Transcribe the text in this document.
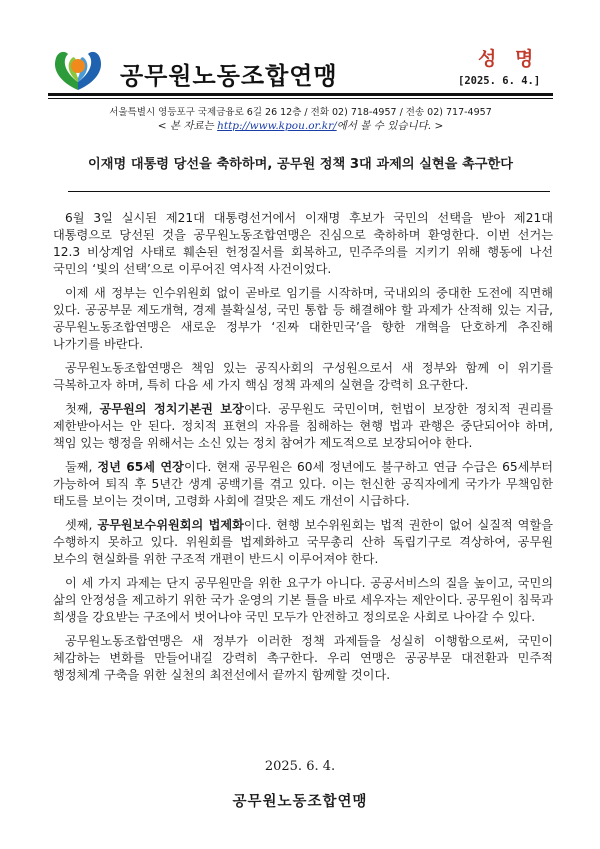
공무원노동조합연맹
성 명
[2025. 6. 4.]
서울특별시 영등포구 국제금융로 6길 26 12층 / 전화 02) 718-4957 / 전송 02) 717-4957
< 본 자료는 http://www.kpou.or.kr/에서 볼 수 있습니다. >
이재명 대통령 당선을 축하하며, 공무원 정책 3대 과제의 실현을 촉구한다

6월 3일 실시된 제21대 대통령선거에서 이재명 후보가 국민의 선택을 받아 제21대 대통령으로 당선된 것을 공무원노동조합연맹은 진심으로 축하하며 환영한다. 이번 선거는 12.3 비상계엄 사태로 훼손된 헌정질서를 회복하고, 민주주의를 지키기 위해 행동에 나선 국민의 ‘빛의 선택’으로 이루어진 역사적 사건이었다.

이제 새 정부는 인수위원회 없이 곧바로 임기를 시작하며, 국내외의 중대한 도전에 직면해 있다. 공공부문 제도개혁, 경제 불확실성, 국민 통합 등 해결해야 할 과제가 산적해 있는 지금, 공무원노동조합연맹은 새로운 정부가 ‘진짜 대한민국’을 향한 개혁을 단호하게 추진해 나가기를 바란다.

공무원노동조합연맹은 책임 있는 공직사회의 구성원으로서 새 정부와 함께 이 위기를 극복하고자 하며, 특히 다음 세 가지 핵심 정책 과제의 실현을 강력히 요구한다.

첫째, 공무원의 정치기본권 보장이다. 공무원도 국민이며, 헌법이 보장한 정치적 권리를 제한받아서는 안 된다. 정치적 표현의 자유를 침해하는 현행 법과 관행은 중단되어야 하며, 책임 있는 행정을 위해서는 소신 있는 정치 참여가 제도적으로 보장되어야 한다.

둘째, 정년 65세 연장이다. 현재 공무원은 60세 정년에도 불구하고 연금 수급은 65세부터 가능하여 퇴직 후 5년간 생계 공백기를 겪고 있다. 이는 헌신한 공직자에게 국가가 무책임한 태도를 보이는 것이며, 고령화 사회에 걸맞은 제도 개선이 시급하다.

셋째, 공무원보수위원회의 법제화이다. 현행 보수위원회는 법적 권한이 없어 실질적 역할을 수행하지 못하고 있다. 위원회를 법제화하고 국무총리 산하 독립기구로 격상하여, 공무원 보수의 현실화를 위한 구조적 개편이 반드시 이루어져야 한다.

이 세 가지 과제는 단지 공무원만을 위한 요구가 아니다. 공공서비스의 질을 높이고, 국민의 삶의 안정성을 제고하기 위한 국가 운영의 기본 틀을 바로 세우자는 제안이다. 공무원이 침묵과 희생을 강요받는 구조에서 벗어나야 국민 모두가 안전하고 정의로운 사회로 나아갈 수 있다.

공무원노동조합연맹은 새 정부가 이러한 정책 과제들을 성실히 이행함으로써, 국민이 체감하는 변화를 만들어내길 강력히 촉구한다. 우리 연맹은 공공부문 대전환과 민주적 행정체계 구축을 위한 실천의 최전선에서 끝까지 함께할 것이다.

2025. 6. 4.
공무원노동조합연맹
